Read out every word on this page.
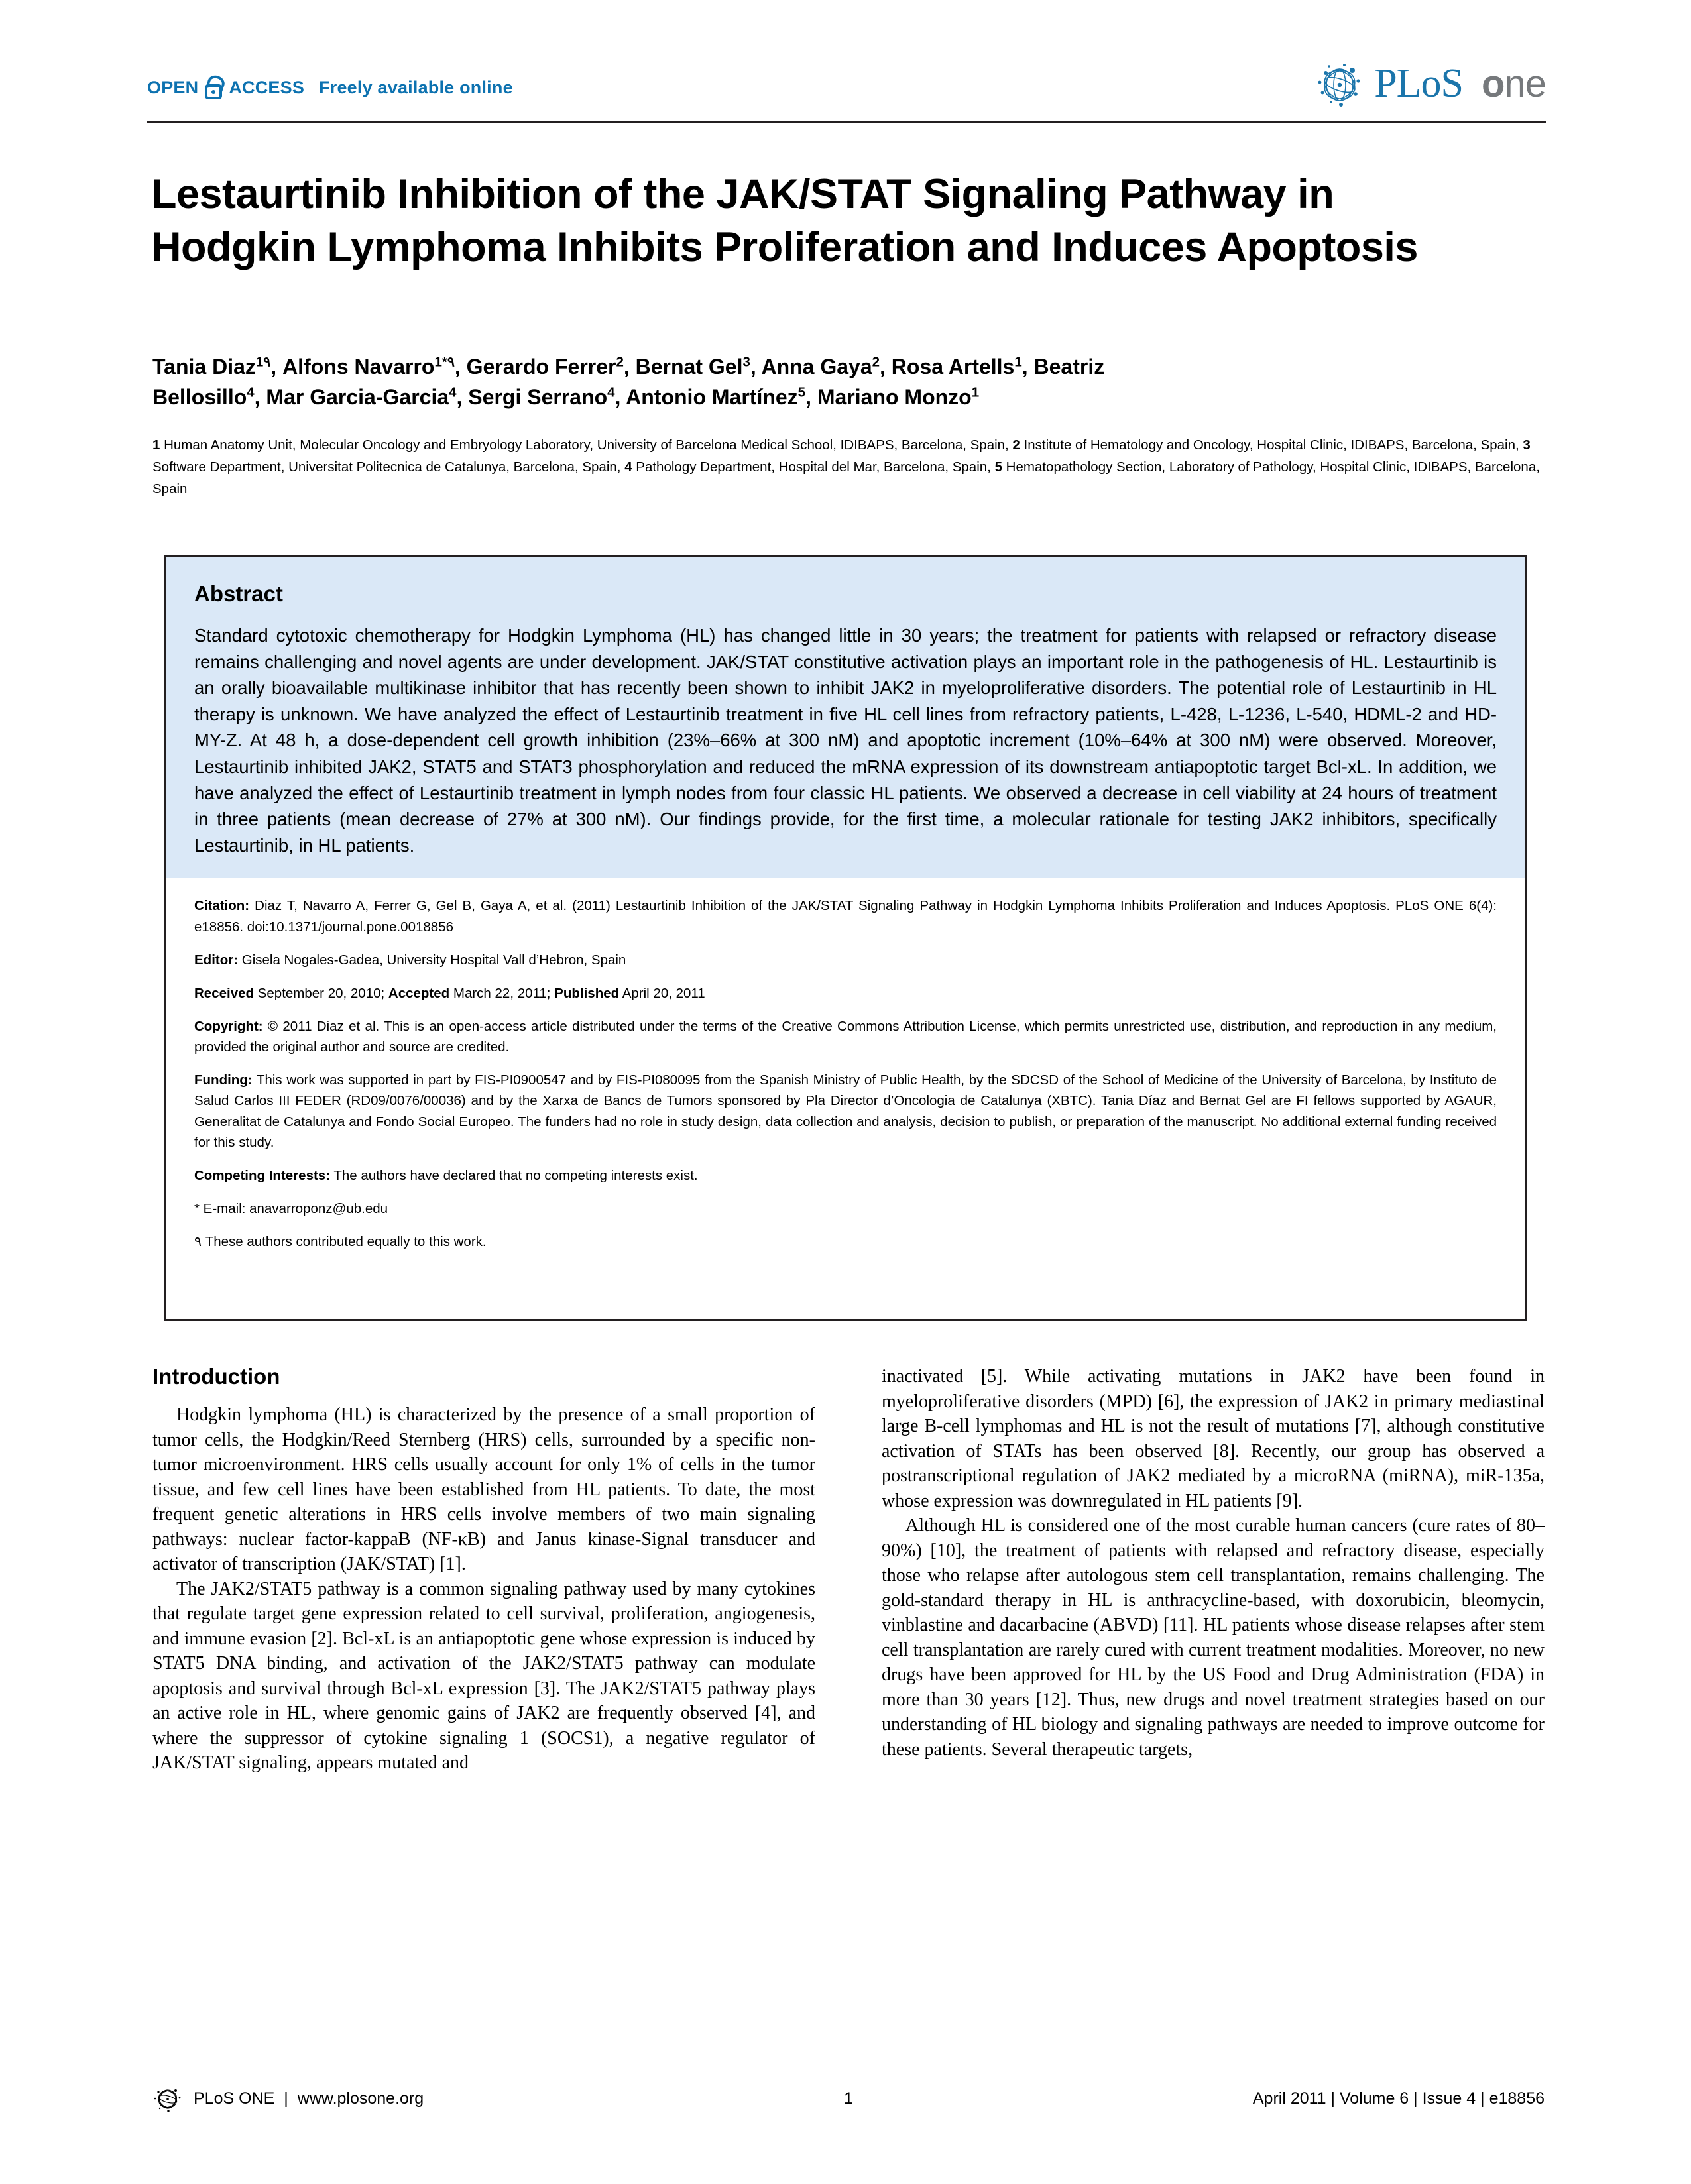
OPEN ACCESS Freely available online	PLoS one
Lestaurtinib Inhibition of the JAK/STAT Signaling Pathway in Hodgkin Lymphoma Inhibits Proliferation and Induces Apoptosis
Tania Diaz$^{1٩}$, Alfons Navarro$^{1*٩}$, Gerardo Ferrer$^2$, Bernat Gel$^3$, Anna Gaya$^2$, Rosa Artells$^1$, Beatriz
Bellosillo$^4$, Mar Garcia-Garcia$^4$, Sergi Serrano$^4$, Antonio Martínez$^5$, Mariano Monzo$^1$
1 Human Anatomy Unit, Molecular Oncology and Embryology Laboratory, University of Barcelona Medical School, IDIBAPS, Barcelona, Spain, 2 Institute of Hematology and Oncology, Hospital Clinic, IDIBAPS, Barcelona, Spain, 3 Software Department, Universitat Politecnica de Catalunya, Barcelona, Spain, 4 Pathology Department, Hospital del Mar, Barcelona, Spain, 5 Hematopathology Section, Laboratory of Pathology, Hospital Clinic, IDIBAPS, Barcelona, Spain
Abstract

Standard cytotoxic chemotherapy for Hodgkin Lymphoma (HL) has changed little in 30 years; the treatment for patients with relapsed or refractory disease remains challenging and novel agents are under development. JAK/STAT constitutive activation plays an important role in the pathogenesis of HL. Lestaurtinib is an orally bioavailable multikinase inhibitor that has recently been shown to inhibit JAK2 in myeloproliferative disorders. The potential role of Lestaurtinib in HL therapy is unknown. We have analyzed the effect of Lestaurtinib treatment in five HL cell lines from refractory patients, L-428, L-1236, L-540, HDML-2 and HD-MY-Z. At 48 h, a dose-dependent cell growth inhibition (23%–66% at 300 nM) and apoptotic increment (10%–64% at 300 nM) were observed. Moreover, Lestaurtinib inhibited JAK2, STAT5 and STAT3 phosphorylation and reduced the mRNA expression of its downstream antiapoptotic target Bcl-xL. In addition, we have analyzed the effect of Lestaurtinib treatment in lymph nodes from four classic HL patients. We observed a decrease in cell viability at 24 hours of treatment in three patients (mean decrease of 27% at 300 nM). Our findings provide, for the first time, a molecular rationale for testing JAK2 inhibitors, specifically Lestaurtinib, in HL patients.

Citation: Diaz T, Navarro A, Ferrer G, Gel B, Gaya A, et al. (2011) Lestaurtinib Inhibition of the JAK/STAT Signaling Pathway in Hodgkin Lymphoma Inhibits Proliferation and Induces Apoptosis. PLoS ONE 6(4): e18856. doi:10.1371/journal.pone.0018856

Editor: Gisela Nogales-Gadea, University Hospital Vall d’Hebron, Spain

Received September 20, 2010; Accepted March 22, 2011; Published April 20, 2011

Copyright: © 2011 Diaz et al. This is an open-access article distributed under the terms of the Creative Commons Attribution License, which permits unrestricted use, distribution, and reproduction in any medium, provided the original author and source are credited.

Funding: This work was supported in part by FIS-PI0900547 and by FIS-PI080095 from the Spanish Ministry of Public Health, by the SDCSD of the School of Medicine of the University of Barcelona, by Instituto de Salud Carlos III FEDER (RD09/0076/00036) and by the Xarxa de Bancs de Tumors sponsored by Pla Director d’Oncologia de Catalunya (XBTC). Tania Díaz and Bernat Gel are FI fellows supported by AGAUR, Generalitat de Catalunya and Fondo Social Europeo. The funders had no role in study design, data collection and analysis, decision to publish, or preparation of the manuscript. No additional external funding received for this study.

Competing Interests: The authors have declared that no competing interests exist.

* E-mail: anavarroponz@ub.edu

٩ These authors contributed equally to this work.

Introduction

Hodgkin lymphoma (HL) is characterized by the presence of a small proportion of tumor cells, the Hodgkin/Reed Sternberg (HRS) cells, surrounded by a specific non-tumor microenvironment. HRS cells usually account for only 1% of cells in the tumor tissue, and few cell lines have been established from HL patients. To date, the most frequent genetic alterations in HRS cells involve members of two main signaling pathways: nuclear factor-kappaB (NF-κB) and Janus kinase-Signal transducer and activator of transcription (JAK/STAT) [1].

The JAK2/STAT5 pathway is a common signaling pathway used by many cytokines that regulate target gene expression related to cell survival, proliferation, angiogenesis, and immune evasion [2]. Bcl-xL is an antiapoptotic gene whose expression is induced by STAT5 DNA binding, and activation of the JAK2/STAT5 pathway can modulate apoptosis and survival through Bcl-xL expression [3]. The JAK2/STAT5 pathway plays an active role in HL, where genomic gains of JAK2 are frequently observed [4], and where the suppressor of cytokine signaling 1 (SOCS1), a negative regulator of JAK/STAT signaling, appears mutated and

inactivated [5]. While activating mutations in JAK2 have been found in myeloproliferative disorders (MPD) [6], the expression of JAK2 in primary mediastinal large B-cell lymphomas and HL is not the result of mutations [7], although constitutive activation of STATs has been observed [8]. Recently, our group has observed a postranscriptional regulation of JAK2 mediated by a microRNA (miRNA), miR-135a, whose expression was downregulated in HL patients [9].

Although HL is considered one of the most curable human cancers (cure rates of 80–90%) [10], the treatment of patients with relapsed and refractory disease, especially those who relapse after autologous stem cell transplantation, remains challenging. The gold-standard therapy in HL is anthracycline-based, with doxorubicin, bleomycin, vinblastine and dacarbacine (ABVD) [11]. HL patients whose disease relapses after stem cell transplantation are rarely cured with current treatment modalities. Moreover, no new drugs have been approved for HL by the US Food and Drug Administration (FDA) in more than 30 years [12]. Thus, new drugs and novel treatment strategies based on our understanding of HL biology and signaling pathways are needed to improve outcome for these patients. Several therapeutic targets,

PLoS ONE | www.plosone.org	1	April 2011 | Volume 6 | Issue 4 | e18856
